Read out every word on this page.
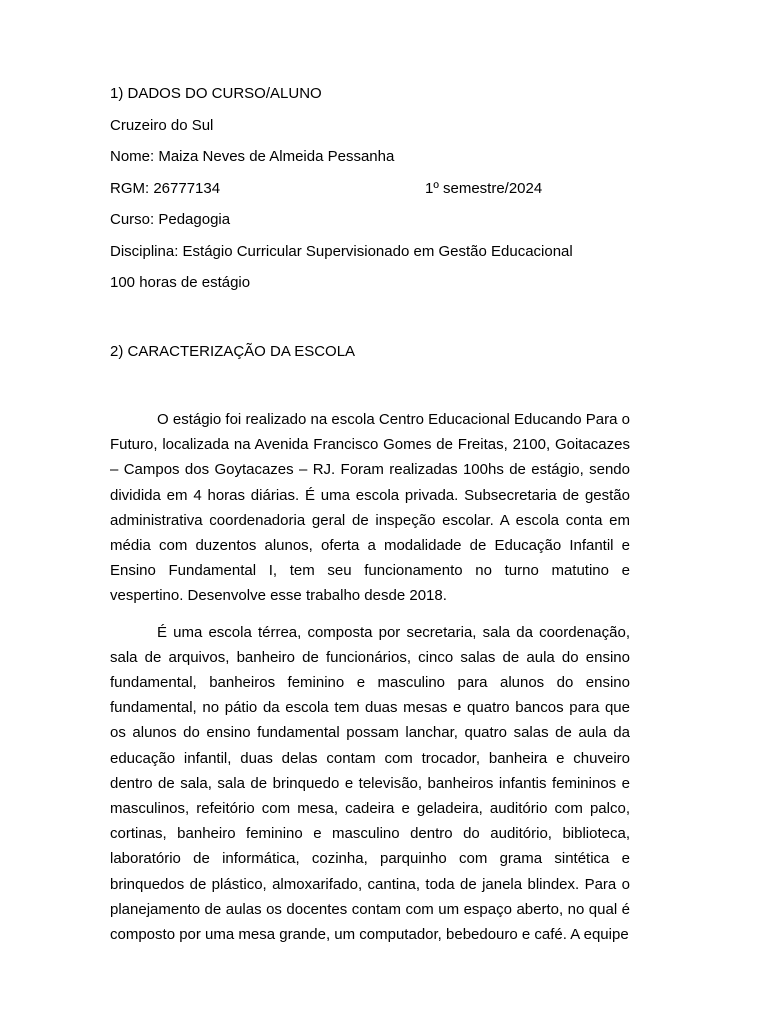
1) DADOS DO CURSO/ALUNO
Cruzeiro do Sul
Nome: Maiza Neves de Almeida Pessanha
RGM: 26777134	1º semestre/2024
Curso: Pedagogia
Disciplina: Estágio Curricular Supervisionado em Gestão Educacional
100 horas de estágio
2) CARACTERIZAÇÃO DA ESCOLA

O estágio foi realizado na escola Centro Educacional Educando Para o Futuro, localizada na Avenida Francisco Gomes de Freitas, 2100, Goitacazes – Campos dos Goytacazes – RJ. Foram realizadas 100hs de estágio, sendo dividida em 4 horas diárias. É uma escola privada. Subsecretaria de gestão administrativa coordenadoria geral de inspeção escolar. A escola conta em média com duzentos alunos, oferta a modalidade de Educação Infantil e Ensino Fundamental I, tem seu funcionamento no turno matutino e vespertino. Desenvolve esse trabalho desde 2018.

É uma escola térrea, composta por secretaria, sala da coordenação, sala de arquivos, banheiro de funcionários, cinco salas de aula do ensino fundamental, banheiros feminino e masculino para alunos do ensino fundamental, no pátio da escola tem duas mesas e quatro bancos para que os alunos do ensino fundamental possam lanchar, quatro salas de aula da educação infantil, duas delas contam com trocador, banheira e chuveiro dentro de sala, sala de brinquedo e televisão, banheiros infantis femininos e masculinos, refeitório com mesa, cadeira e geladeira, auditório com palco, cortinas, banheiro feminino e masculino dentro do auditório, biblioteca, laboratório de informática, cozinha, parquinho com grama sintética e brinquedos de plástico, almoxarifado, cantina, toda de janela blindex. Para o planejamento de aulas os docentes contam com um espaço aberto, no qual é composto por uma mesa grande, um computador, bebedouro e café. A equipe
